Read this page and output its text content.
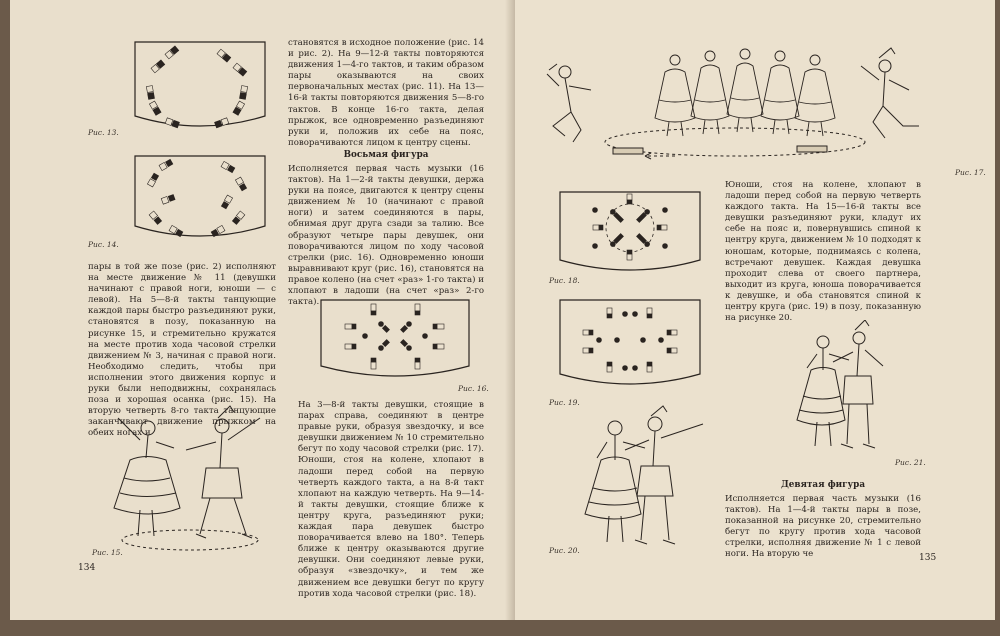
Рис. 13.
Рис. 14.
становятся в исходное положение (рис. 14 и рис. 2). На 9—12-й такты повторяются движения 1—4-го тактов, и таким образом пары оказываются на своих первоначальных местах (рис. 11). На 13—16-й такты повторяются движения 5—8-го тактов. В конце 16-го такта, делая прыжок, все одновременно разъединяют руки и, положив их себе на пояс, поворачиваются лицом к центру сцены.
Восьмая фигура
Исполняется первая часть музыки (16 тактов). На 1—2-й такты девушки, держа руки на поясе, двигаются к центру сцены движением № 10 (начинают с правой ноги) и затем соединяются в пары, обнимая друг друга сзади за талию. Все образуют четыре пары девушек, они поворачиваются лицом по ходу часовой стрелки (рис. 16). Одновременно юноши выравнивают круг (рис. 16), становятся на правое колено (на счет «раз» 1-го такта) и хлопают в ладоши (на счет «раз» 2-го такта).
пары в той же позе (рис. 2) исполняют на месте движение № 11 (девушки начинают с правой ноги, юноши — с левой). На 5—8-й такты танцующие каждой пары быстро разъединяют руки, становятся в позу, показанную на рисунке 15, и стремительно кружатся на месте против хода часовой стрелки движением № 3, начиная с правой ноги. Необходимо следить, чтобы при исполнении этого движения корпус и руки были неподвижны, сохранялась поза и хорошая осанка (рис. 15). На вторую четверть 8-го такта танцующие заканчивают движение прыжком на обеих ногах и
Рис. 15.
Рис. 16.
На 3—8-й такты девушки, стоящие в парах справа, соединяют в центре правые руки, образуя звездочку, и все девушки движением № 10 стремительно бегут по ходу часовой стрелки (рис. 17). Юноши, стоя на колене, хлопают в ладоши перед собой на первую четверть каждого такта, а на 8-й такт хлопают на каждую четверть. На 9—14-й такты девушки, стоящие ближе к центру круга, разъединяют руки; каждая пара девушек быстро поворачивается влево на 180°. Теперь ближе к центру оказываются другие девушки. Они соединяют левые руки, образуя «звездочку», и тем же движением все девушки бегут по кругу против хода часовой стрелки (рис. 18).
134
Рис. 17.
Рис. 18.
Рис. 19.
Юноши, стоя на колене, хлопают в ладоши перед собой на первую четверть каждого такта. На 15—16-й такты все девушки разъединяют руки, кладут их себе на пояс и, повернувшись спиной к центру круга, движением № 10 подходят к юношам, которые, поднимаясь с колена, встречают девушек. Каждая девушка проходит слева от своего партнера, выходит из круга, юноша поворачивается к девушке, и оба становятся спиной к центру круга (рис. 19) в позу, показанную на рисунке 20.
Рис. 20.
Рис. 21.
Девятая фигура
Исполняется первая часть музыки (16 тактов). На 1—4-й такты пары в позе, показанной на рисунке 20, стремительно бегут по кругу против хода часовой стрелки, исполняя движение № 1 с левой ноги. На вторую че	135
